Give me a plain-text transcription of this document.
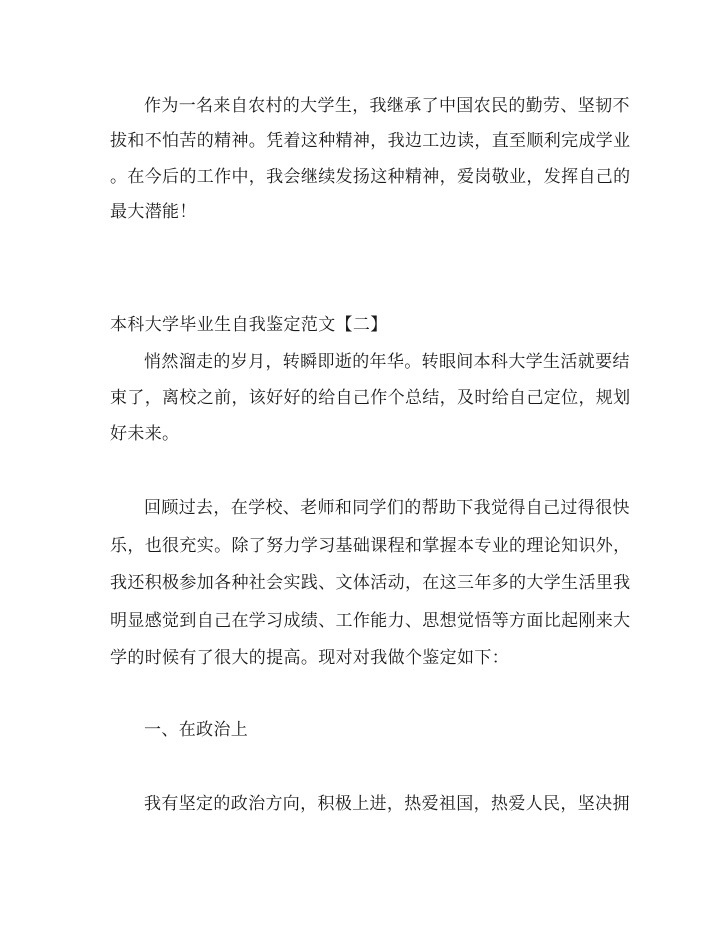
作为一名来自农村的大学生，我继承了中国农民的勤劳、坚韧不
拔和不怕苦的精神。凭着这种精神，我边工边读，直至顺利完成学业
。在今后的工作中，我会继续发扬这种精神，爱岗敬业，发挥自己的
最大潜能！
本科大学毕业生自我鉴定范文【二】
悄然溜走的岁月，转瞬即逝的年华。转眼间本科大学生活就要结
束了，离校之前，该好好的给自己作个总结，及时给自己定位，规划
好未来。
回顾过去，在学校、老师和同学们的帮助下我觉得自己过得很快
乐，也很充实。除了努力学习基础课程和掌握本专业的理论知识外，
我还积极参加各种社会实践、文体活动，在这三年多的大学生活里我
明显感觉到自己在学习成绩、工作能力、思想觉悟等方面比起刚来大
学的时候有了很大的提高。现对对我做个鉴定如下：
一、在政治上
我有坚定的政治方向，积极上进，热爱祖国，热爱人民，坚决拥
